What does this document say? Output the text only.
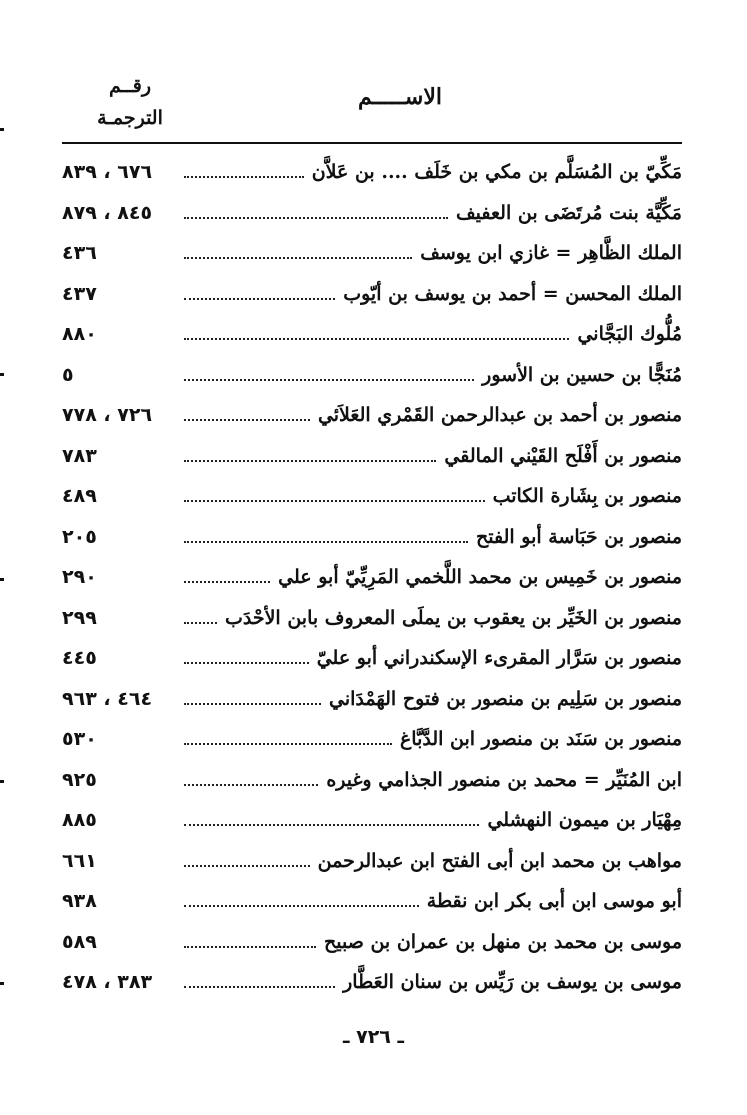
الاســـــم
رقــم
الترجمـة
مَكِّيّ بن المُسَلَّم بن مكي بن خَلَف .... بن عَلاَّن
٦٧٦ ، ٨٣٩
مَكِّيَّة بنت مُرتَضَى بن العفيف
٨٤٥ ، ٨٧٩
الملك الظَّاهِر = غازي ابن يوسف
٤٣٦
الملك المحسن = أحمد بن يوسف بن أيّوب
٤٣٧
مُلُّوك البَجَّاني
٨٨٠
مُنَجًّا بن حسين بن الأسور
٥
منصور بن أحمد بن عبدالرحمن القَمْري العَلاَئي
٧٢٦ ، ٧٧٨
منصور بن أَفْلَح القَيْني المالقي
٧٨٣
منصور بن بِشَارة الكاتب
٤٨٩
منصور بن حَبَاسة أبو الفتح
٢٠٥
منصور بن خَمِيس بن محمد اللَّخمي المَرِيِّيّ أبو علي
٢٩٠
منصور بن الخَيِّر بن يعقوب بن يملَى المعروف بابن الأحْدَب
٢٩٩
منصور بن سَرَّار المقرىء الإسكندراني أبو عليّ
٤٤٥
منصور بن سَلِيم بن منصور بن فتوح الهَمْدَاني
٤٦٤ ، ٩٦٣
منصور بن سَنَد بن منصور ابن الدَّبَّاغ
٥٣٠
ابن المُنَيِّر = محمد بن منصور الجذامي وغيره
٩٢٥
مِهْيَار بن ميمون النهشلي
٨٨٥
مواهب بن محمد ابن أبى الفتح ابن عبدالرحمن
٦٦١
أبو موسى ابن أبى بكر ابن نقطة
٩٣٨
موسى بن محمد بن منهل بن عمران بن صبيح
٥٨٩
موسى بن يوسف بن رَيِّس بن سنان العَطَّار
٣٨٣ ، ٤٧٨
ـ ٧٢٦ ـ
